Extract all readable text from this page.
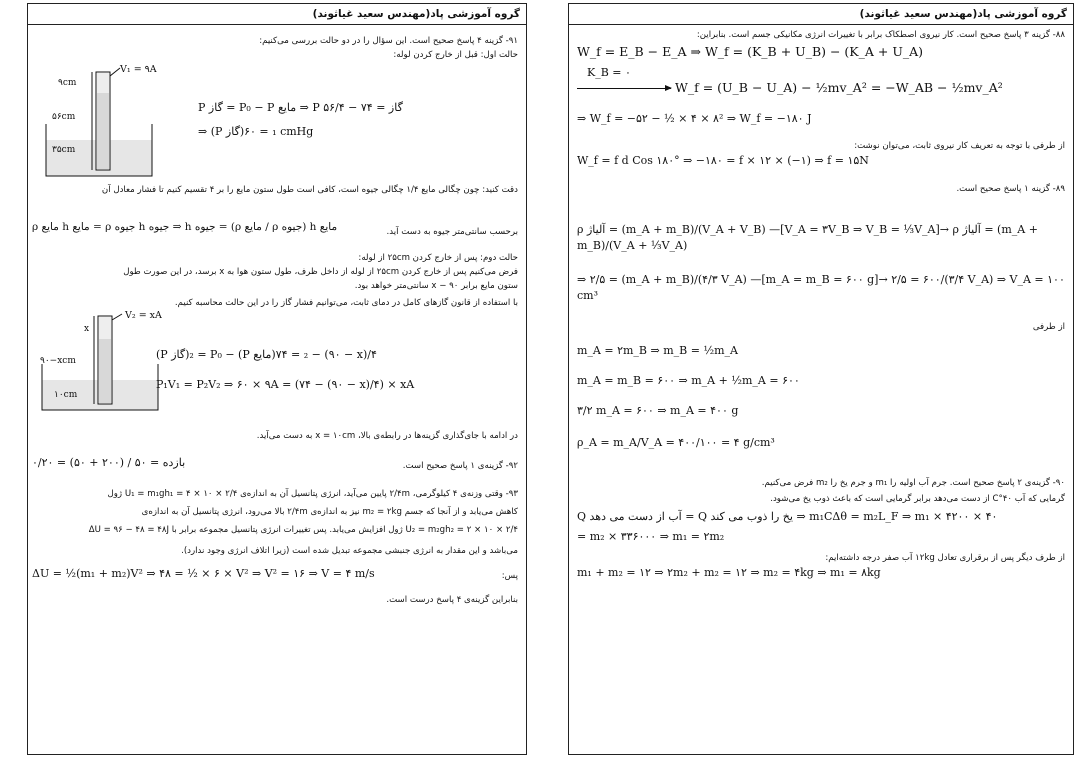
گروه آموزشی پاد(مهندس سعید غیاثوند)
۹۱- گزینه ۴ پاسخ صحیح است. این سؤال را در دو حالت بررسی می‌کنیم:
حالت اول: قبل از خارج کردن لوله:
V₁ = ۹A
۹cm
۵۶cm
۳۵cm
P گاز = P₀ − P مایع ⇒ P گاز = ۷۴ − ۵۶/۴
⇒ (P گاز)₁ = ۶۰ cmHg
دقت کنید: چون چگالی مایع ۱/۴ چگالی جیوه است، کافی است طول ستون مایع را بر ۴ تقسیم کنیم تا فشار معادل آن
برحسب سانتی‌متر جیوه به دست آید.
ρ مایع h مایع = ρ جیوه h جیوه ⇒ h جیوه = (ρ مایع / ρ جیوه) h مایع
حالت دوم: پس از خارج کردن ۲۵cm از لوله:
فرض می‌کنیم پس از خارج کردن ۲۵cm از لوله از داخل ظرف، طول ستون هوا به x برسد، در این صورت طول
ستون مایع برابر x − ۹۰ سانتی‌متر خواهد بود.
با استفاده از قانون گازهای کامل در دمای ثابت، می‌توانیم فشار گاز را در این حالت محاسبه کنیم.
V₂ = xA
x
۹۰−xcm
۱۰cm
(P گاز)₂ = P₀ − (P مایع)₂ = ۷۴ − (۹۰ − x)/۴
P₁V₁ = P₂V₂ ⇒ ۶۰ × ۹A = (۷۴ − (۹۰ − x)/۴) × xA
در ادامه با جای‌گذاری گزینه‌ها در رابطه‌ی بالا، x = ۱۰cm به دست می‌آید.
۹۲- گزینه‌ی ۱ پاسخ صحیح است.
بازده = ۵۰ / (۲۰۰ + ۵۰) = ۰/۲۰
۹۳- وقتی وزنه‌ی ۴ کیلوگرمی، ۲/۴m پایین می‌آید، انرژی پتانسیل آن به اندازه‌ی U₁ = m₁gh₁ = ۴ × ۱۰ × ۲/۴ ژول
کاهش می‌یابد و از آنجا که جسم m₂ = ۲kg نیز به اندازه‌ی ۲/۴m بالا می‌رود، انرژی پتانسیل آن به اندازه‌ی
U₂ = m₂gh₂ = ۲ × ۱۰ × ۲/۴ ژول افزایش می‌یابد. پس تغییرات انرژی پتانسیل مجموعه برابر با ΔU = ۹۶ − ۴۸ = ۴۸J
می‌باشد و این مقدار به انرژی جنبشی مجموعه تبدیل شده است (زیرا اتلاف انرژی وجود ندارد).
پس:
ΔU = ½(m₁ + m₂)V² ⇒ ۴۸ = ½ × ۶ × V² ⇒ V² = ۱۶ ⇒ V = ۴ m/s
بنابراین گزینه‌ی ۴ پاسخ درست است.
گروه آموزشی پاد(مهندس سعید غیاثوند)
۸۸- گزینه ۳ پاسخ صحیح است. کار نیروی اصطکاک برابر با تغییرات انرژی مکانیکی جسم است. بنابراین:
W_f = E_B − E_A ⇒ W_f = (K_B + U_B) − (K_A + U_A)
K_B = ۰
W_f = (U_B − U_A) − ½mv_A² = −W_AB − ½mv_A²
⇒ W_f = −۵۲ − ½ × ۴ × ۸² ⇒ W_f = −۱۸۰ J
از طرفی با توجه به تعریف کار نیروی ثابت، می‌توان نوشت:
W_f = f d Cos ۱۸۰° ⇒ −۱۸۰ = f × ۱۲ × (−۱) ⇒ f = ۱۵N
۸۹- گزینه ۱ پاسخ صحیح است.
ρ آلیاژ = (m_A + m_B)/(V_A + V_B) —[V_A = ۳V_B ⇒ V_B = ⅓V_A]→ ρ آلیاژ = (m_A + m_B)/(V_A + ⅓V_A)
⇒ ۲/۵ = (m_A + m_B)/(۴/۳ V_A) —[m_A = m_B = ۶۰۰ g]→ ۲/۵ = ۶۰۰/(۳/۴ V_A) ⇒ V_A = ۱۰۰ cm³
از طرفی
m_A = ۲m_B ⇒ m_B = ½m_A
m_A = m_B = ۶۰۰ ⇒ m_A + ½m_A = ۶۰۰
۳/۲ m_A = ۶۰۰ ⇒ m_A = ۴۰۰ g
ρ_A = m_A/V_A = ۴۰۰/۱۰۰ = ۴ g/cm³
۹۰- گزینه‌ی ۲ پاسخ صحیح است. جرم آب اولیه را m₁ و جرم یخ را m₂ فرض می‌کنیم.
گرمایی که آب ۴۰°C از دست می‌دهد برابر گرمایی است که باعث ذوب یخ می‌شود.
Q آب از دست می دهد = Q یخ را ذوب می کند ⇒ m₁CΔθ = m₂L_F ⇒ m₁ × ۴۲۰۰ × ۴۰
= m₂ × ۳۳۶۰۰۰ ⇒ m₁ = ۲m₂
از طرف دیگر پس از برقراری تعادل ۱۲kg آب صفر درجه داشته‌ایم:
m₁ + m₂ = ۱۲ ⇒ ۲m₂ + m₂ = ۱۲ ⇒ m₂ = ۴kg ⇒ m₁ = ۸kg
